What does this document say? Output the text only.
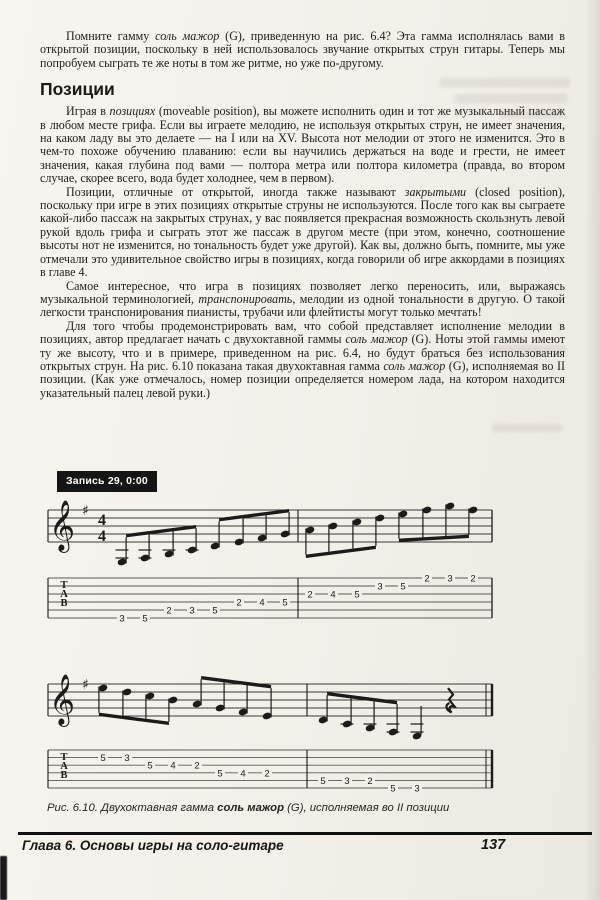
Помните гамму соль мажор (G), приведенную на рис. 6.4? Эта гамма исполнялась вами в открытой позиции, поскольку в ней использовалось звучание открытых струн гитары. Теперь мы попробуем сыграть те же ноты в том же ритме, но уже по-другому.

Позиции

Играя в позициях (moveable position), вы можете исполнить один и тот же музыкальный пассаж в любом месте грифа. Если вы играете мелодию, не используя открытых струн, не имеет значения, на каком ладу вы это делаете — на I или на XV. Высота нот мелодии от этого не изменится. Это в чем-то похоже обучению плаванию: если вы научились держаться на воде и грести, не имеет значения, какая глубина под вами — полтора метра или полтора километра (правда, во втором случае, скорее всего, вода будет холоднее, чем в первом).

Позиции, отличные от открытой, иногда также называют закрытыми (closed position), поскольку при игре в этих позициях открытые струны не используются. После того как вы сыграете какой-либо пассаж на закрытых струнах, у вас появляется прекрасная возможность скользнуть левой рукой вдоль грифа и сыграть этот же пассаж в другом месте (при этом, конечно, соотношение высоты нот не изменится, но тональность будет уже другой). Как вы, должно быть, помните, мы уже отмечали это удивительное свойство игры в позициях, когда говорили об игре аккордами в позициях в главе 4.

Самое интересное, что игра в позициях позволяет легко переносить, или, выражаясь музыкальной терминологией, транспонировать, мелодии из одной тональности в другую. О такой легкости транспонирования пианисты, трубачи или флейтисты могут только мечтать!

Для того чтобы продемонстрировать вам, что собой представляет исполнение мелодии в позициях, автор предлагает начать с двухоктавной гаммы соль мажор (G). Ноты этой гаммы имеют ту же высоту, что и в примере, приведенном на рис. 6.4, но будут браться без использования открытых струн. На рис. 6.10 показана такая двухоктавная гамма соль мажор (G), исполняемая во II позиции. (Как уже отмечалось, номер позиции определяется номером лада, на котором находится указательный палец левой руки.)

Запись 29, 0:00
𝄞 ♯
4
4
T
A
B
3 5
2 3 5
2 4 5
2 4 5
3 5
2 3 2
𝄞 ♯
T
A
B
5 3
5 4 2
5 4 2
5 3 2
5 3
Рис. 6.10. Двухоктавная гамма соль мажор (G), исполняемая во II позиции
Глава 6. Основы игры на соло-гитаре	137
